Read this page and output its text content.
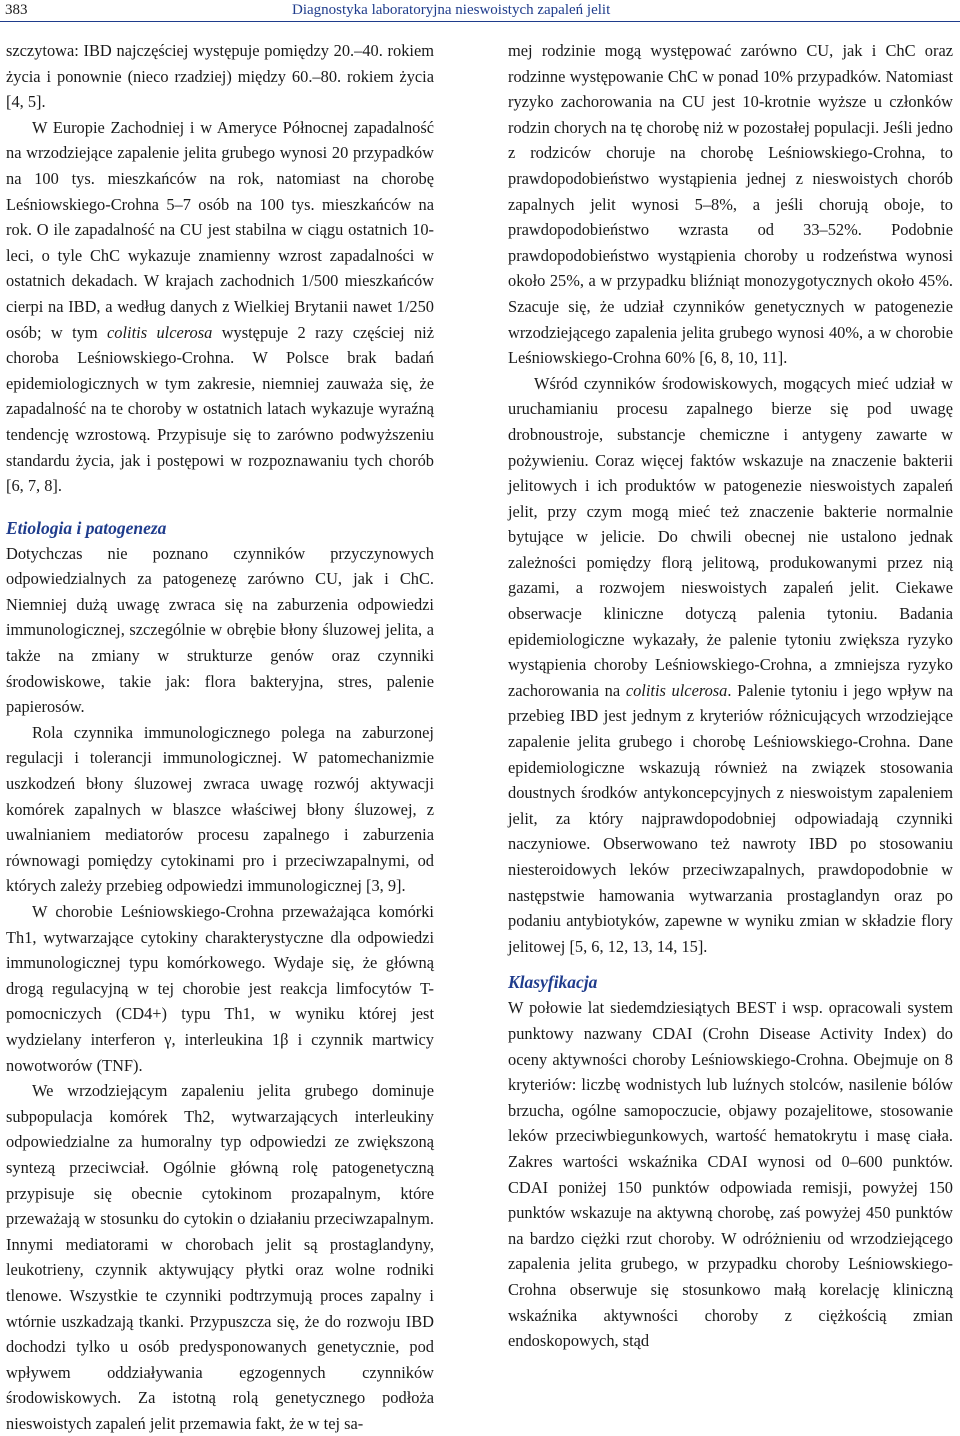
383	Diagnostyka laboratoryjna nieswoistych zapaleń jelit

szczytowa: IBD najczęściej występuje pomiędzy 20.–40. rokiem życia i ponownie (nieco rzadziej) między 60.–80. rokiem życia [4, 5].

W Europie Zachodniej i w Ameryce Północnej zapadalność na wrzodziejące zapalenie jelita grubego wynosi 20 przypadków na 100 tys. mieszkańców na rok, natomiast na chorobę Leśniowskiego-Crohna 5–7 osób na 100 tys. mieszkańców na rok. O ile zapadalność na CU jest stabilna w ciągu ostatnich 10-leci, o tyle ChC wykazuje znamienny wzrost zapadalności w ostatnich dekadach. W krajach zachodnich 1/500 mieszkańców cierpi na IBD, a według danych z Wielkiej Brytanii nawet 1/250 osób; w tym colitis ulcerosa występuje 2 razy częściej niż choroba Leśniowskiego-Crohna. W Polsce brak badań epidemiologicznych w tym zakresie, niemniej zauważa się, że zapadalność na te choroby w ostatnich latach wykazuje wyraźną tendencję wzrostową. Przypisuje się to zarówno podwyższeniu standardu życia, jak i postępowi w rozpoznawaniu tych chorób [6, 7, 8].

Etiologia i patogeneza

Dotychczas nie poznano czynników przyczynowych odpowiedzialnych za patogenezę zarówno CU, jak i ChC. Niemniej dużą uwagę zwraca się na zaburzenia odpowiedzi immunologicznej, szczególnie w obrębie błony śluzowej jelita, a także na zmiany w strukturze genów oraz czynniki środowiskowe, takie jak: flora bakteryjna, stres, palenie papierosów.

Rola czynnika immunologicznego polega na zaburzonej regulacji i tolerancji immunologicznej. W patomechanizmie uszkodzeń błony śluzowej zwraca uwagę rozwój aktywacji komórek zapalnych w blaszce właściwej błony śluzowej, z uwalnianiem mediatorów procesu zapalnego i zaburzenia równowagi pomiędzy cytokinami pro i przeciwzapalnymi, od których zależy przebieg odpowiedzi immunologicznej [3, 9].

W chorobie Leśniowskiego-Crohna przeważająca komórki Th1, wytwarzające cytokiny charakterystyczne dla odpowiedzi immunologicznej typu komórkowego. Wydaje się, że główną drogą regulacyjną w tej chorobie jest reakcja limfocytów T-pomocniczych (CD4+) typu Th1, w wyniku której jest wydzielany interferon γ, interleukina 1β i czynnik martwicy nowotworów (TNF).

We wrzodziejącym zapaleniu jelita grubego dominuje subpopulacja komórek Th2, wytwarzających interleukiny odpowiedzialne za humoralny typ odpowiedzi ze zwiększoną syntezą przeciwciał. Ogólnie główną rolę patogenetyczną przypisuje się obecnie cytokinom prozapalnym, które przeważają w stosunku do cytokin o działaniu przeciwzapalnym. Innymi mediatorami w chorobach jelit są prostaglandyny, leukotrieny, czynnik aktywujący płytki oraz wolne rodniki tlenowe. Wszystkie te czynniki podtrzymują proces zapalny i wtórnie uszkadzają tkanki. Przypuszcza się, że do rozwoju IBD dochodzi tylko u osób predysponowanych genetycznie, pod wpływem oddziaływania egzogennych czynników środowiskowych. Za istotną rolą genetycznego podłoża nieswoistych zapaleń jelit przemawia fakt, że w tej sa-

mej rodzinie mogą występować zarówno CU, jak i ChC oraz rodzinne występowanie ChC w ponad 10% przypadków. Natomiast ryzyko zachorowania na CU jest 10-krotnie wyższe u członków rodzin chorych na tę chorobę niż w pozostałej populacji. Jeśli jedno z rodziców choruje na chorobę Leśniowskiego-Crohna, to prawdopodobieństwo wystąpienia jednej z nieswoistych chorób zapalnych jelit wynosi 5–8%, a jeśli chorują oboje, to prawdopodobieństwo wzrasta od 33–52%. Podobnie prawdopodobieństwo wystąpienia choroby u rodzeństwa wynosi około 25%, a w przypadku bliźniąt monozygotycznych około 45%. Szacuje się, że udział czynników genetycznych w patogenezie wrzodziejącego zapalenia jelita grubego wynosi 40%, a w chorobie Leśniowskiego-Crohna 60% [6, 8, 10, 11].

Wśród czynników środowiskowych, mogących mieć udział w uruchamianiu procesu zapalnego bierze się pod uwagę drobnoustroje, substancje chemiczne i antygeny zawarte w pożywieniu. Coraz więcej faktów wskazuje na znaczenie bakterii jelitowych i ich produktów w patogenezie nieswoistych zapaleń jelit, przy czym mogą mieć też znaczenie bakterie normalnie bytujące w jelicie. Do chwili obecnej nie ustalono jednak zależności pomiędzy florą jelitową, produkowanymi przez nią gazami, a rozwojem nieswoistych zapaleń jelit. Ciekawe obserwacje kliniczne dotyczą palenia tytoniu. Badania epidemiologiczne wykazały, że palenie tytoniu zwiększa ryzyko wystąpienia choroby Leśniowskiego-Crohna, a zmniejsza ryzyko zachorowania na colitis ulcerosa. Palenie tytoniu i jego wpływ na przebieg IBD jest jednym z kryteriów różnicujących wrzodziejące zapalenie jelita grubego i chorobę Leśniowskiego-Crohna. Dane epidemiologiczne wskazują również na związek stosowania doustnych środków antykoncepcyjnych z nieswoistym zapaleniem jelit, za który najprawdopodobniej odpowiadają czynniki naczyniowe. Obserwowano też nawroty IBD po stosowaniu niesteroidowych leków przeciwzapalnych, prawdopodobnie w następstwie hamowania wytwarzania prostaglandyn oraz po podaniu antybiotyków, zapewne w wyniku zmian w składzie flory jelitowej [5, 6, 12, 13, 14, 15].

Klasyfikacja

W połowie lat siedemdziesiątych BEST i wsp. opracowali system punktowy nazwany CDAI (Crohn Disease Activity Index) do oceny aktywności choroby Leśniowskiego-Crohna. Obejmuje on 8 kryteriów: liczbę wodnistych lub luźnych stolców, nasilenie bólów brzucha, ogólne samopoczucie, objawy pozajelitowe, stosowanie leków przeciwbiegunkowych, wartość hematokrytu i masę ciała. Zakres wartości wskaźnika CDAI wynosi od 0–600 punktów. CDAI poniżej 150 punktów odpowiada remisji, powyżej 150 punktów wskazuje na aktywną chorobę, zaś powyżej 450 punktów na bardzo ciężki rzut choroby. W odróżnieniu od wrzodziejącego zapalenia jelita grubego, w przypadku choroby Leśniowskiego-Crohna obserwuje się stosunkowo małą korelację kliniczną wskaźnika aktywności choroby z ciężkością zmian endoskopowych, stąd
